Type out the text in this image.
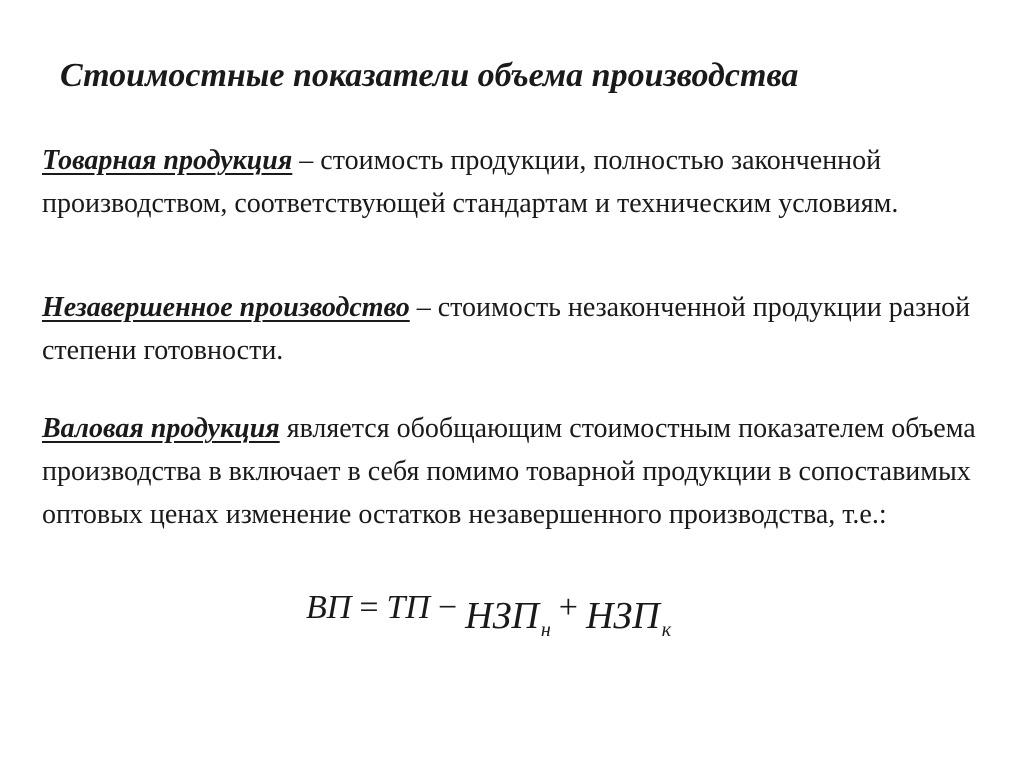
Стоимостные показатели объема производства
Товарная продукция – стоимость продукции, полностью законченной производством, соответствующей стандартам и техническим условиям.
Незавершенное производство – стоимость незаконченной продукции разной степени готовности.
Валовая продукция является обобщающим стоимостным показателем объема производства в включает в себя помимо товарной продукции в сопоставимых оптовых ценах изменение остатков незавершенного производства, т.е.:
ВП = ТП − НЗП н+ НЗП к
